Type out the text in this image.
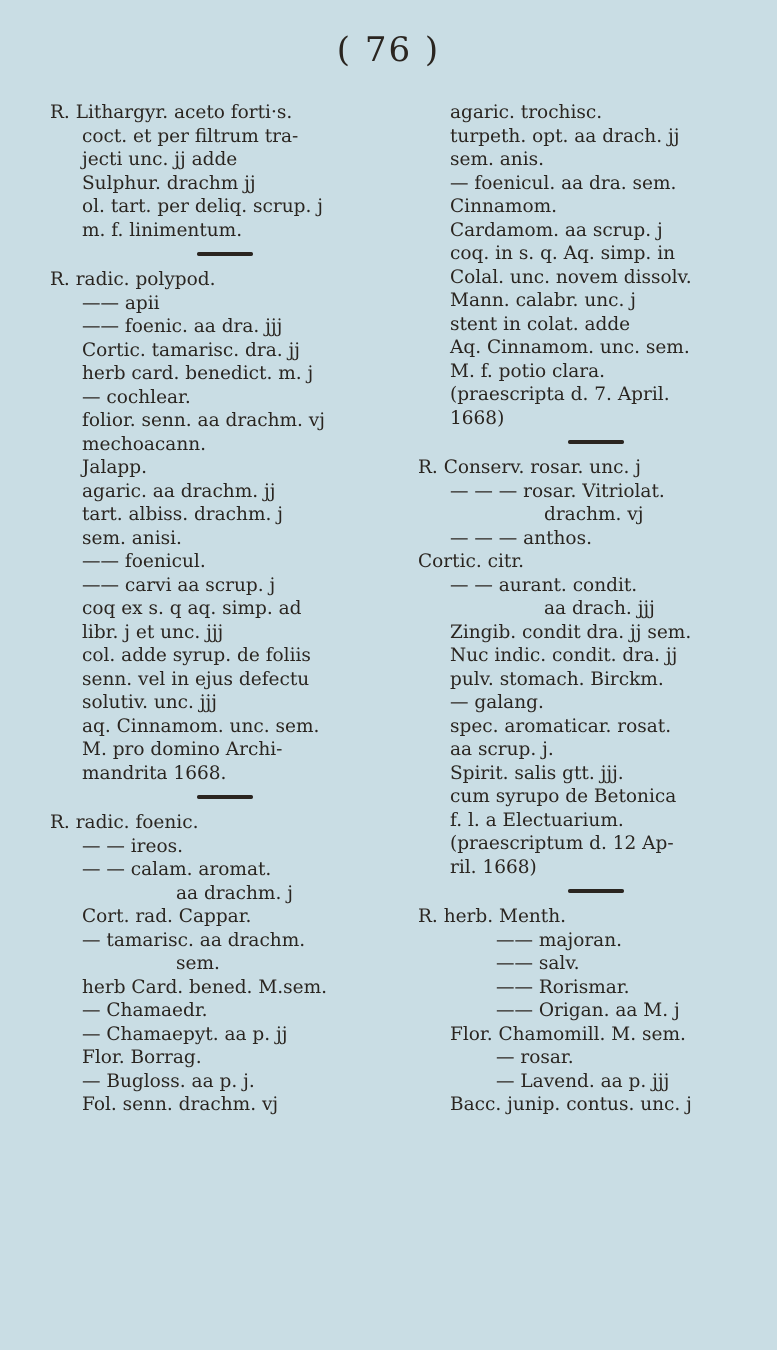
( 76 )
R. Lithargyr. aceto forti·s.
coct. et per filtrum tra-
jecti unc. jj adde
Sulphur. drachm jj
ol. tart. per deliq. scrup. j
m. f. linimentum.
R. radic. polypod.
—— apii
—— foenic. aa dra. jjj
Cortic. tamarisc. dra. jj
herb card. benedict. m. j
— cochlear.
folior. senn. aa drachm. vj
mechoacann.
Jalapp.
agaric. aa drachm. jj
tart. albiss. drachm. j
sem. anisi.
—— foenicul.
—— carvi aa scrup. j
coq ex s. q aq. simp. ad
libr. j et unc. jjj
col. adde syrup. de foliis
senn. vel in ejus defectu
solutiv. unc. jjj
aq. Cinnamom. unc. sem.
M. pro domino Archi-
mandrita 1668.
R. radic. foenic.
— — ireos.
— — calam. aromat.
aa drachm. j
Cort. rad. Cappar.
— tamarisc. aa drachm.
sem.
herb Card. bened. M.sem.
— Chamaedr.
— Chamaepyt. aa p. jj
Flor. Borrag.
— Bugloss. aa p. j.
Fol. senn. drachm. vj
agaric. trochisc.
turpeth. opt. aa drach. jj
sem. anis.
— foenicul. aa dra. sem.
Cinnamom.
Cardamom. aa scrup. j
coq. in s. q. Aq. simp. in
Colal. unc. novem dissolv.
Mann. calabr. unc. j
stent in colat. adde
Aq. Cinnamom. unc. sem.
M. f. potio clara.
(praescripta d. 7. April.
1668)
R. Conserv. rosar. unc. j
— — — rosar. Vitriolat.
drachm. vj
— — — anthos.
Cortic. citr.
— — aurant. condit.
aa drach. jjj
Zingib. condit dra. jj sem.
Nuc indic. condit. dra. jj
pulv. stomach. Birckm.
— galang.
spec. aromaticar. rosat.
aa scrup. j.
Spirit. salis gtt. jjj.
cum syrupo de Betonica
f. l. a Electuarium.
(praescriptum d. 12 Ap-
ril. 1668)
R. herb. Menth.
—— majoran.
—— salv.
—— Rorismar.
—— Origan. aa M. j
Flor. Chamomill. M. sem.
— rosar.
— Lavend. aa p. jjj
Bacc. junip. contus. unc. j
